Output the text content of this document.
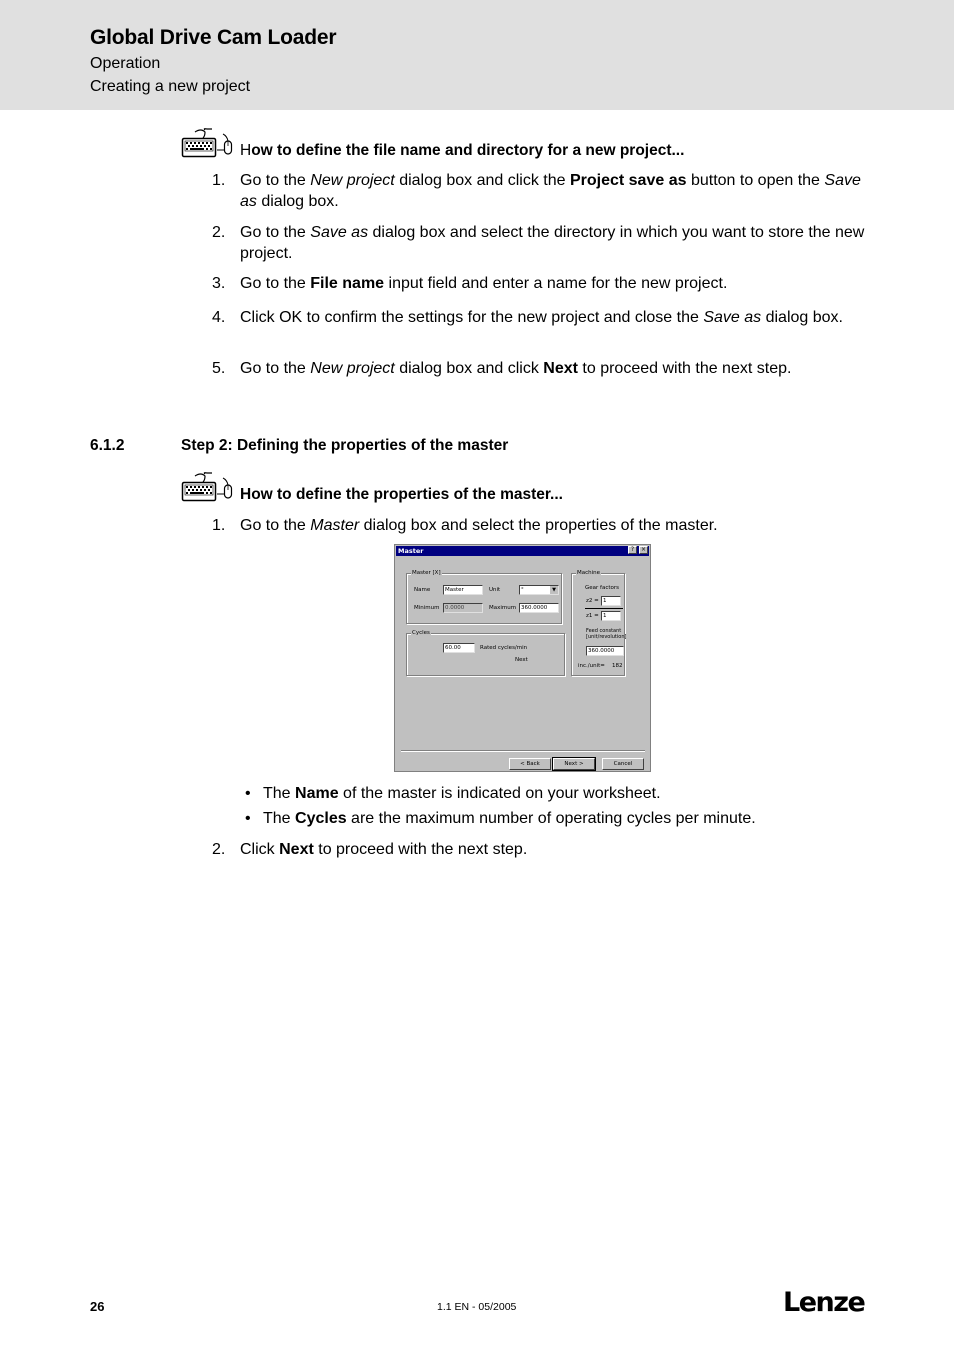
Global Drive Cam Loader
Operation
Creating a new project
How to define the file name and directory for a new project...
1. Go to the New project dialog box and click the Project save as button to open the Save as dialog box.
2. Go to the Save as dialog box and select the directory in which you want to store the new project.
3. Go to the File name input field and enter a name for the new project.
4. Click OK to confirm the settings for the new project and close the Save as dialog box.
5. Go to the New project dialog box and click Next to proceed with the next step.
6.1.2	Step 2: Defining the properties of the master
How to define the properties of the master...
1. Go to the Master dialog box and select the properties of the master.
Master	?	×
Master [X]
Name	Master	Unit	°	▼
Minimum	0.0000	Maximum 360.0000
Cycles
60.00	Rated cycles/min
Next
Machine
Gear factors
z2 = 1
z1 = 1
Feed constant [unit/revolution]
360.0000
inc./unit= 182
< Back	Next >	Cancel
• The Name of the master is indicated on your worksheet.
• The Cycles are the maximum number of operating cycles per minute.
2. Click Next to proceed with the next step.
26	1.1 EN - 05/2005	Lenze
